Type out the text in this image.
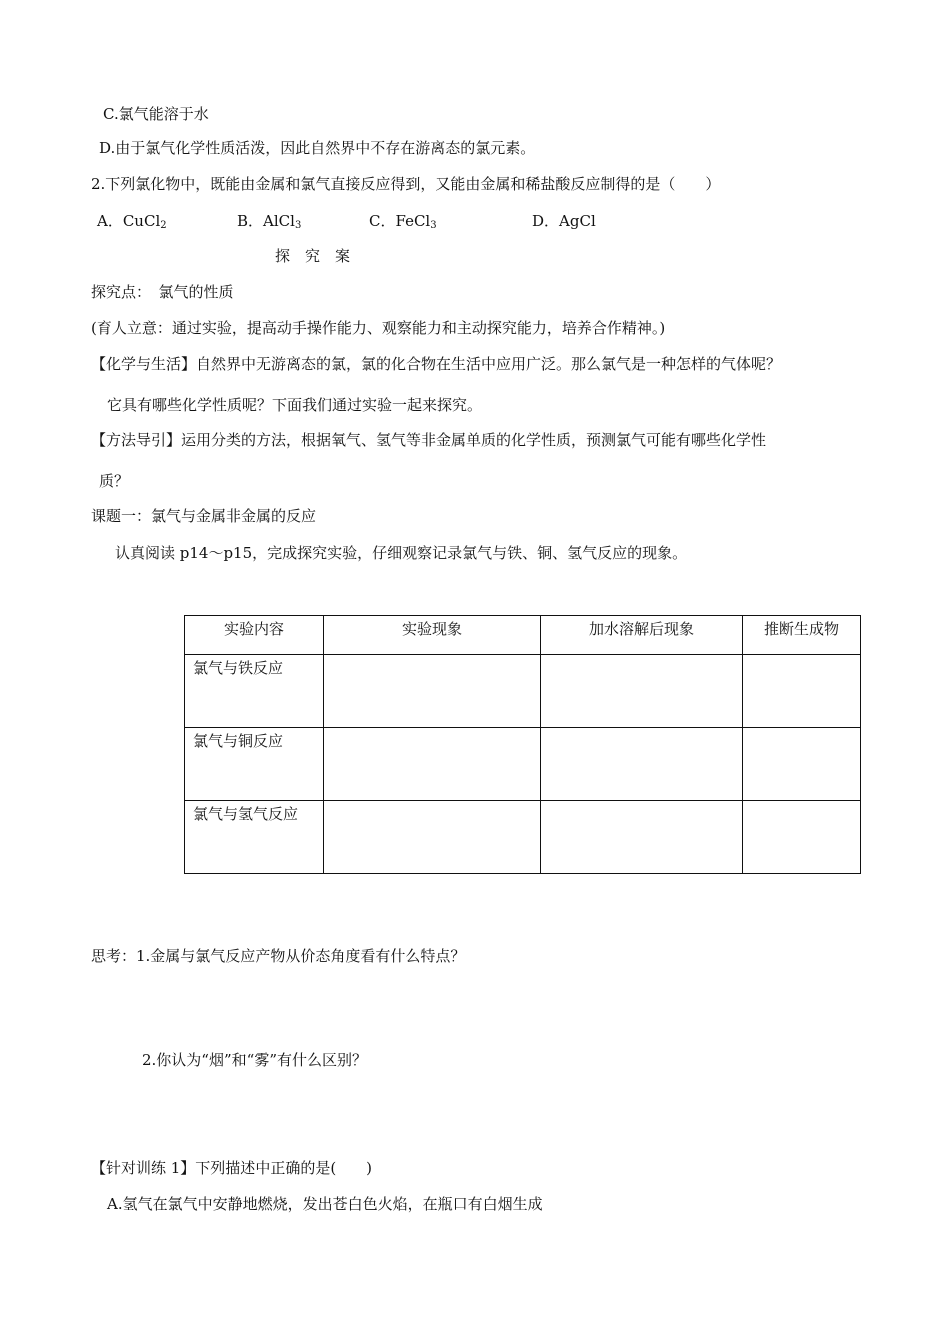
C.氯气能溶于水
D.由于氯气化学性质活泼，因此自然界中不存在游离态的氯元素。
2.下列氯化物中，既能由金属和氯气直接反应得到，又能由金属和稀盐酸反应制得的是（　　）
A．CuCl$_2$	B．AlCl$_3$	C．FeCl$_3$	D．AgCl
探　究　案
探究点：　氯气的性质
(育人立意：通过实验，提高动手操作能力、观察能力和主动探究能力，培养合作精神。)
【化学与生活】自然界中无游离态的氯，氯的化合物在生活中应用广泛。那么氯气是一种怎样的气体呢？
它具有哪些化学性质呢？下面我们通过实验一起来探究。
【方法导引】运用分类的方法，根据氧气、氢气等非金属单质的化学性质，预测氯气可能有哪些化学性
质？
课题一：氯气与金属非金属的反应
认真阅读 p14～p15，完成探究实验，仔细观察记录氯气与铁、铜、氢气反应的现象。
实验内容	实验现象	加水溶解后现象	推断生成物
氯气与铁反应			
氯气与铜反应			
氯气与氢气反应			
思考：1.金属与氯气反应产物从价态角度看有什么特点？
2.你认为“烟”和“雾”有什么区别？
【针对训练 1】下列描述中正确的是(　　)
A.氢气在氯气中安静地燃烧，发出苍白色火焰，在瓶口有白烟生成
